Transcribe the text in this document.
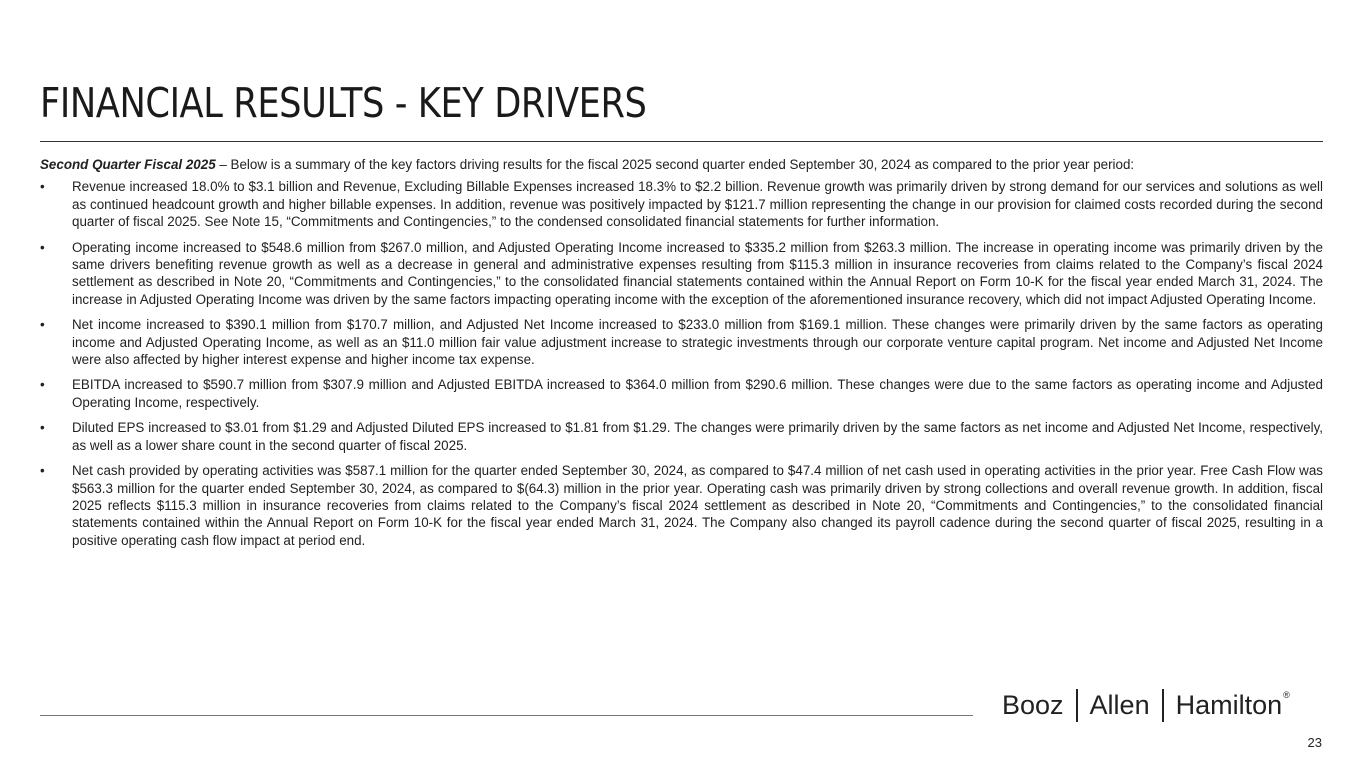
FINANCIAL RESULTS - KEY DRIVERS

Second Quarter Fiscal 2025 – Below is a summary of the key factors driving results for the fiscal 2025 second quarter ended September 30, 2024 as compared to the prior year period:

• Revenue increased 18.0% to $3.1 billion and Revenue, Excluding Billable Expenses increased 18.3% to $2.2 billion. Revenue growth was primarily driven by strong demand for our services and solutions as well as continued headcount growth and higher billable expenses. In addition, revenue was positively impacted by $121.7 million representing the change in our provision for claimed costs recorded during the second quarter of fiscal 2025. See Note 15, “Commitments and Contingencies,” to the condensed consolidated financial statements for further information.
• Operating income increased to $548.6 million from $267.0 million, and Adjusted Operating Income increased to $335.2 million from $263.3 million. The increase in operating income was primarily driven by the same drivers benefiting revenue growth as well as a decrease in general and administrative expenses resulting from $115.3 million in insurance recoveries from claims related to the Company’s fiscal 2024 settlement as described in Note 20, “Commitments and Contingencies,” to the consolidated financial statements contained within the Annual Report on Form 10-K for the fiscal year ended March 31, 2024. The increase in Adjusted Operating Income was driven by the same factors impacting operating income with the exception of the aforementioned insurance recovery, which did not impact Adjusted Operating Income.
• Net income increased to $390.1 million from $170.7 million, and Adjusted Net Income increased to $233.0 million from $169.1 million. These changes were primarily driven by the same factors as operating income and Adjusted Operating Income, as well as an $11.0 million fair value adjustment increase to strategic investments through our corporate venture capital program. Net income and Adjusted Net Income were also affected by higher interest expense and higher income tax expense.
• EBITDA increased to $590.7 million from $307.9 million and Adjusted EBITDA increased to $364.0 million from $290.6 million. These changes were due to the same factors as operating income and Adjusted Operating Income, respectively.
• Diluted EPS increased to $3.01 from $1.29 and Adjusted Diluted EPS increased to $1.81 from $1.29. The changes were primarily driven by the same factors as net income and Adjusted Net Income, respectively, as well as a lower share count in the second quarter of fiscal 2025.
• Net cash provided by operating activities was $587.1 million for the quarter ended September 30, 2024, as compared to $47.4 million of net cash used in operating activities in the prior year. Free Cash Flow was $563.3 million for the quarter ended September 30, 2024, as compared to $(64.3) million in the prior year. Operating cash was primarily driven by strong collections and overall revenue growth. In addition, fiscal 2025 reflects $115.3 million in insurance recoveries from claims related to the Company’s fiscal 2024 settlement as described in Note 20, “Commitments and Contingencies,” to the consolidated financial statements contained within the Annual Report on Form 10-K for the fiscal year ended March 31, 2024. The Company also changed its payroll cadence during the second quarter of fiscal 2025, resulting in a positive operating cash flow impact at period end.
Booz Allen Hamilton ®
23
